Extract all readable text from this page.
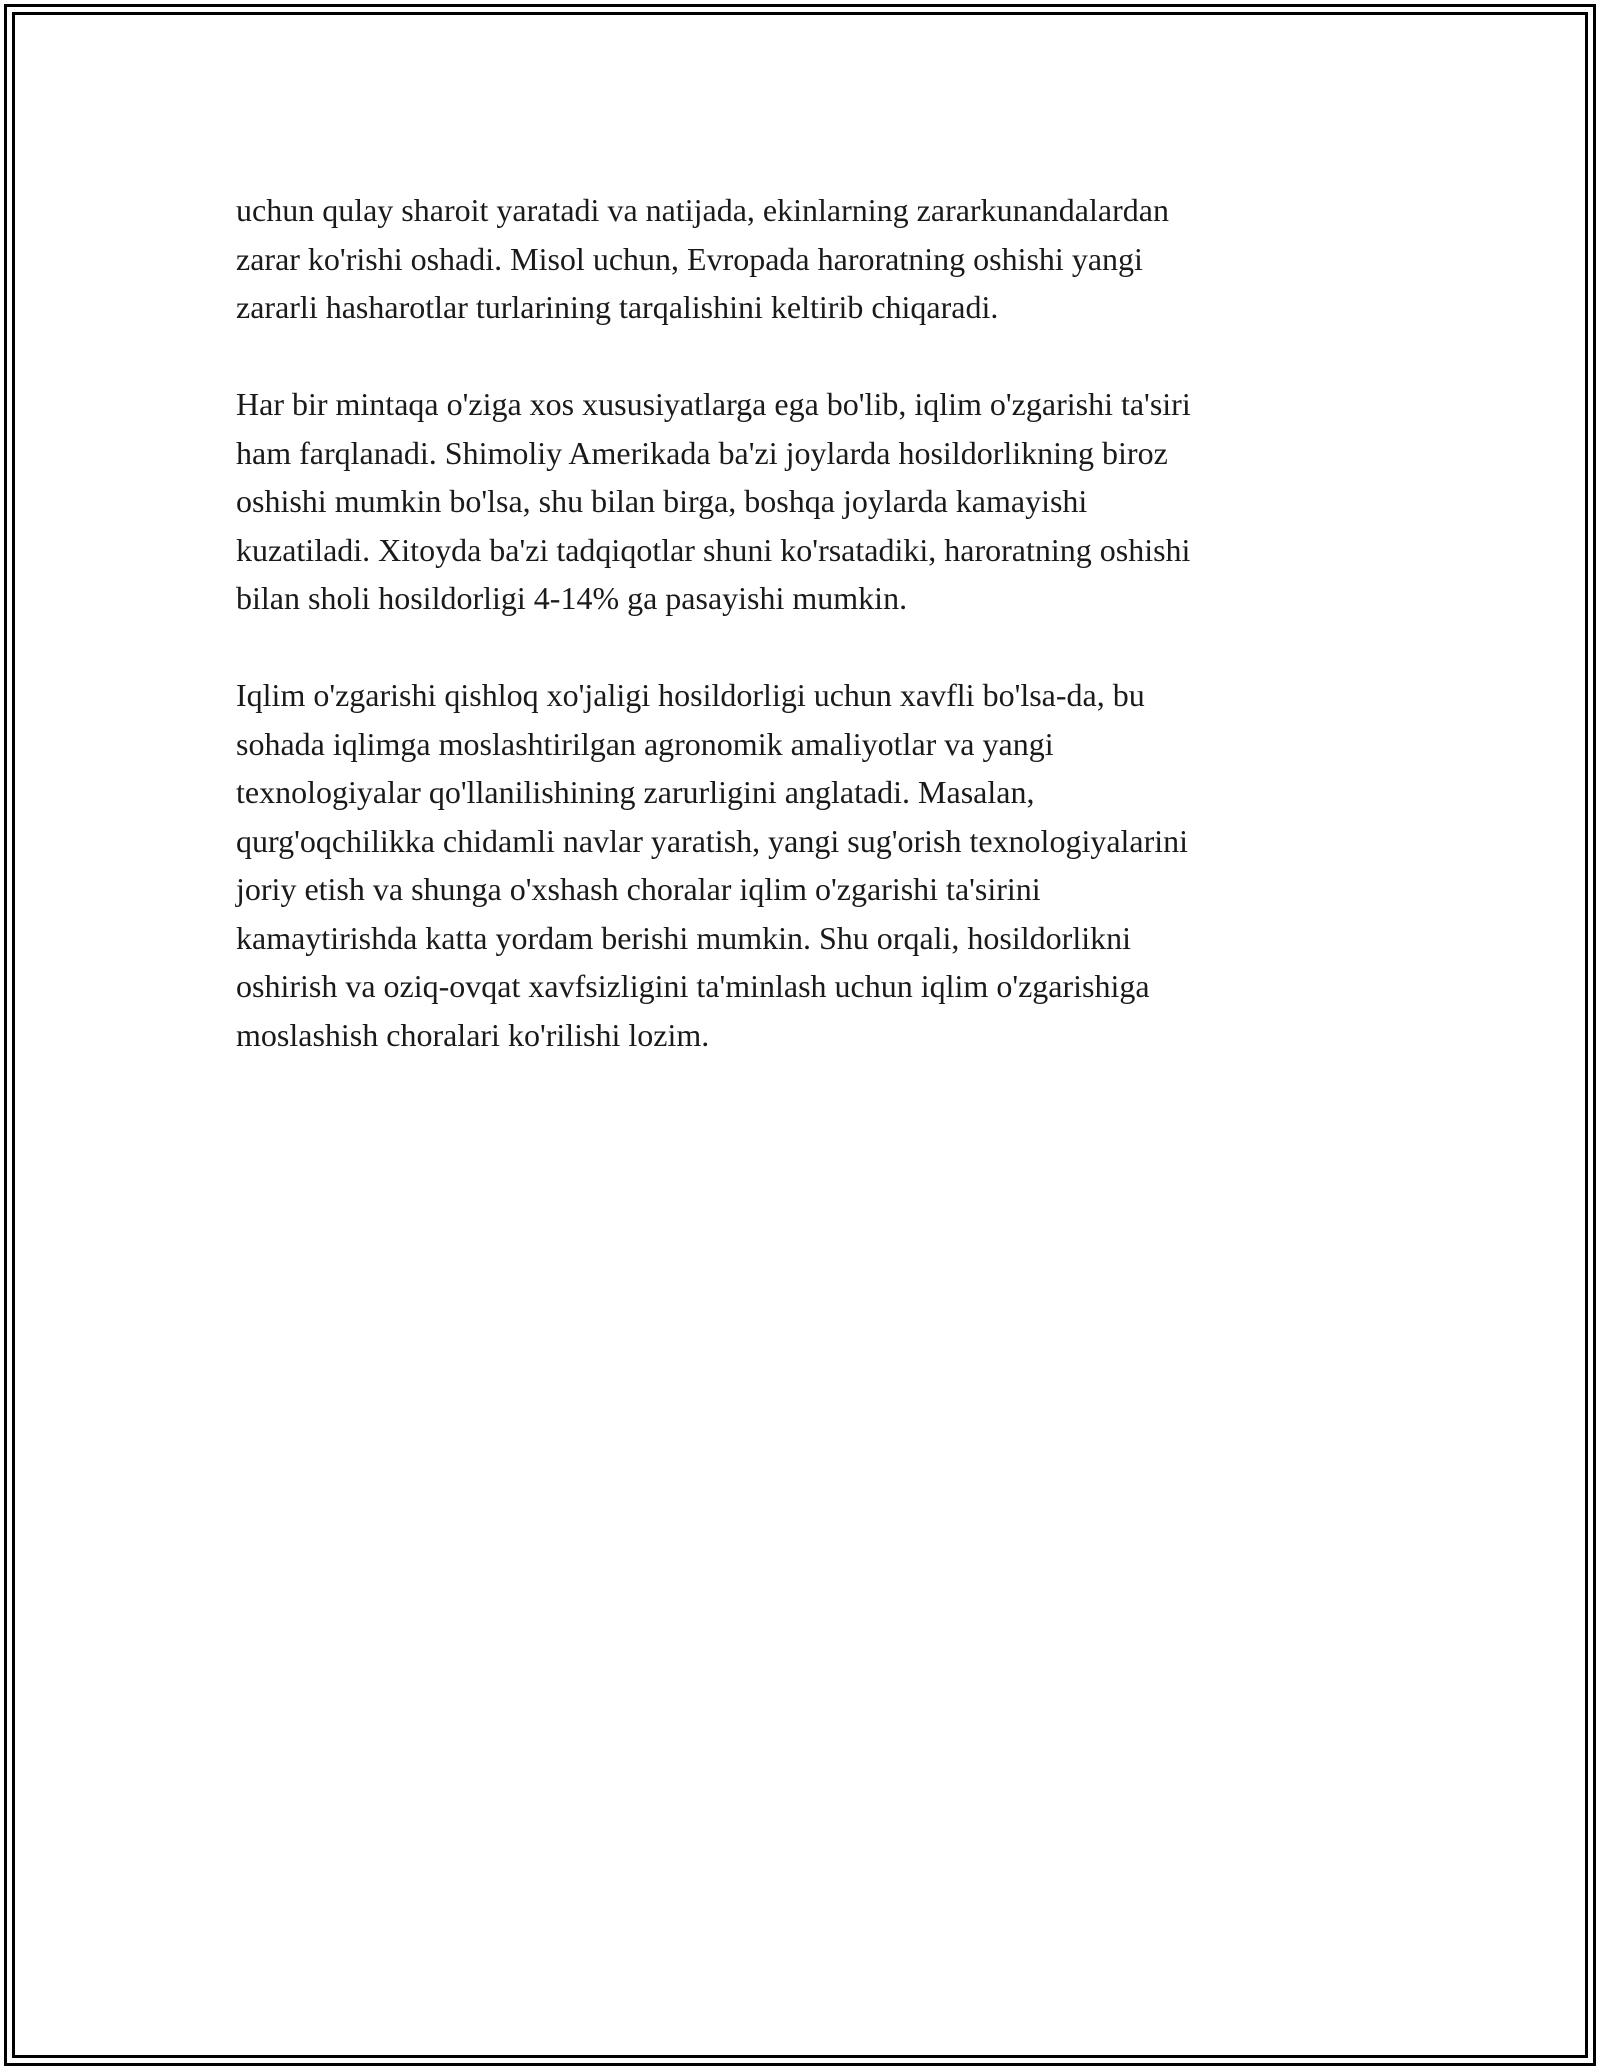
uchun qulay sharoit yaratadi va natijada, ekinlarning zararkunandalardan
zarar ko'rishi oshadi. Misol uchun, Evropada haroratning oshishi yangi
zararli hasharotlar turlarining tarqalishini keltirib chiqaradi.

Har bir mintaqa o'ziga xos xususiyatlarga ega bo'lib, iqlim o'zgarishi ta'siri
ham farqlanadi. Shimoliy Amerikada ba'zi joylarda hosildorlikning biroz
oshishi mumkin bo'lsa, shu bilan birga, boshqa joylarda kamayishi
kuzatiladi. Xitoyda ba'zi tadqiqotlar shuni ko'rsatadiki, haroratning oshishi
bilan sholi hosildorligi 4-14% ga pasayishi mumkin.

Iqlim o'zgarishi qishloq xo'jaligi hosildorligi uchun xavfli bo'lsa-da, bu
sohada iqlimga moslashtirilgan agronomik amaliyotlar va yangi
texnologiyalar qo'llanilishining zarurligini anglatadi. Masalan,
qurg'oqchilikka chidamli navlar yaratish, yangi sug'orish texnologiyalarini
joriy etish va shunga o'xshash choralar iqlim o'zgarishi ta'sirini
kamaytirishda katta yordam berishi mumkin. Shu orqali, hosildorlikni
oshirish va oziq-ovqat xavfsizligini ta'minlash uchun iqlim o'zgarishiga
moslashish choralari ko'rilishi lozim.
